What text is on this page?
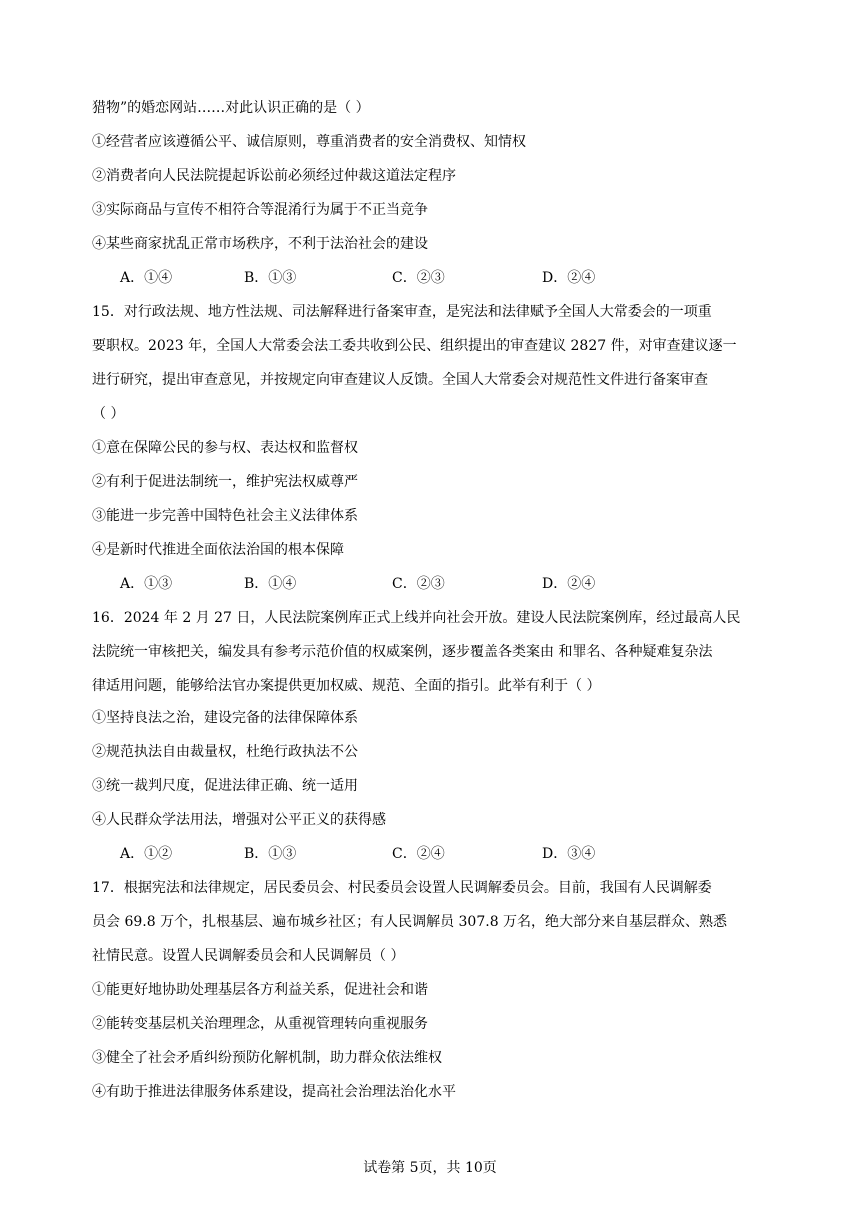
猎物”的婚恋网站……对此认识正确的是（ ）
①经营者应该遵循公平、诚信原则，尊重消费者的安全消费权、知情权
②消费者向人民法院提起诉讼前必须经过仲裁这道法定程序
③实际商品与宣传不相符合等混淆行为属于不正当竞争
④某些商家扰乱正常市场秩序，不利于法治社会的建设
A．①④	B．①③	C．②③	D．②④
15．对行政法规、地方性法规、司法解释进行备案审查，是宪法和法律赋予全国人大常委会的一项重
要职权。2023 年，全国人大常委会法工委共收到公民、组织提出的审查建议 2827 件，对审查建议逐一
进行研究，提出审查意见，并按规定向审查建议人反馈。全国人大常委会对规范性文件进行备案审查
（ ）
①意在保障公民的参与权、表达权和监督权
②有利于促进法制统一，维护宪法权威尊严
③能进一步完善中国特色社会主义法律体系
④是新时代推进全面依法治国的根本保障
A．①③	B．①④	C．②③	D．②④
16．2024 年 2 月 27 日，人民法院案例库正式上线并向社会开放。建设人民法院案例库，经过最高人民
法院统一审核把关，编发具有参考示范价值的权威案例，逐步覆盖各类案由 和罪名、各种疑难复杂法
律适用问题，能够给法官办案提供更加权威、规范、全面的指引。此举有利于（ ）
①坚持良法之治，建设完备的法律保障体系
②规范执法自由裁量权，杜绝行政执法不公
③统一裁判尺度，促进法律正确、统一适用
④人民群众学法用法，增强对公平正义的获得感
A．①②	B．①③	C．②④	D．③④
17．根据宪法和法律规定，居民委员会、村民委员会设置人民调解委员会。目前，我国有人民调解委
员会 69.8 万个，扎根基层、遍布城乡社区；有人民调解员 307.8 万名，绝大部分来自基层群众、熟悉
社情民意。设置人民调解委员会和人民调解员（ ）
①能更好地协助处理基层各方利益关系，促进社会和谐
②能转变基层机关治理理念，从重视管理转向重视服务
③健全了社会矛盾纠纷预防化解机制，助力群众依法维权
④有助于推进法律服务体系建设，提高社会治理法治化水平
试卷第 5页，共 10页
